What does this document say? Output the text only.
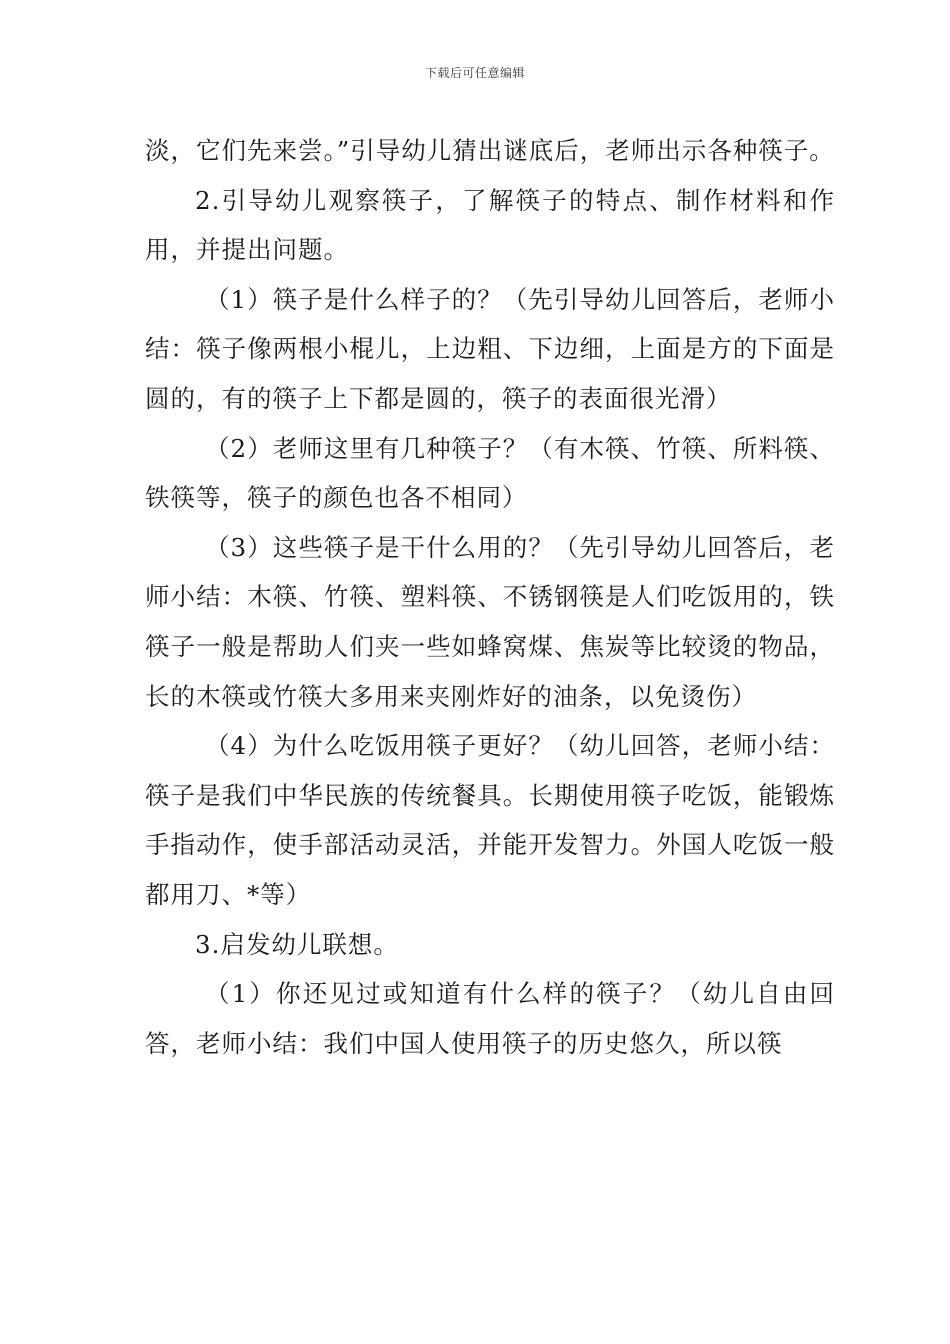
下载后可任意编辑

淡，它们先来尝。”引导幼儿猜出谜底后，老师出示各种筷子。

2.引导幼儿观察筷子，了解筷子的特点、制作材料和作用，并提出问题。

（1）筷子是什么样子的？（先引导幼儿回答后，老师小结：筷子像两根小棍儿，上边粗、下边细，上面是方的下面是圆的，有的筷子上下都是圆的，筷子的表面很光滑）

（2）老师这里有几种筷子？（有木筷、竹筷、所料筷、铁筷等，筷子的颜色也各不相同）

（3）这些筷子是干什么用的？（先引导幼儿回答后，老师小结：木筷、竹筷、塑料筷、不锈钢筷是人们吃饭用的，铁筷子一般是帮助人们夹一些如蜂窝煤、焦炭等比较烫的物品，长的木筷或竹筷大多用来夹刚炸好的油条，以免烫伤）

（4）为什么吃饭用筷子更好？（幼儿回答，老师小结：筷子是我们中华民族的传统餐具。长期使用筷子吃饭，能锻炼手指动作，使手部活动灵活，并能开发智力。外国人吃饭一般都用刀、*等）

3.启发幼儿联想。

（1）你还见过或知道有什么样的筷子？（幼儿自由回答，老师小结：我们中国人使用筷子的历史悠久，所以筷
